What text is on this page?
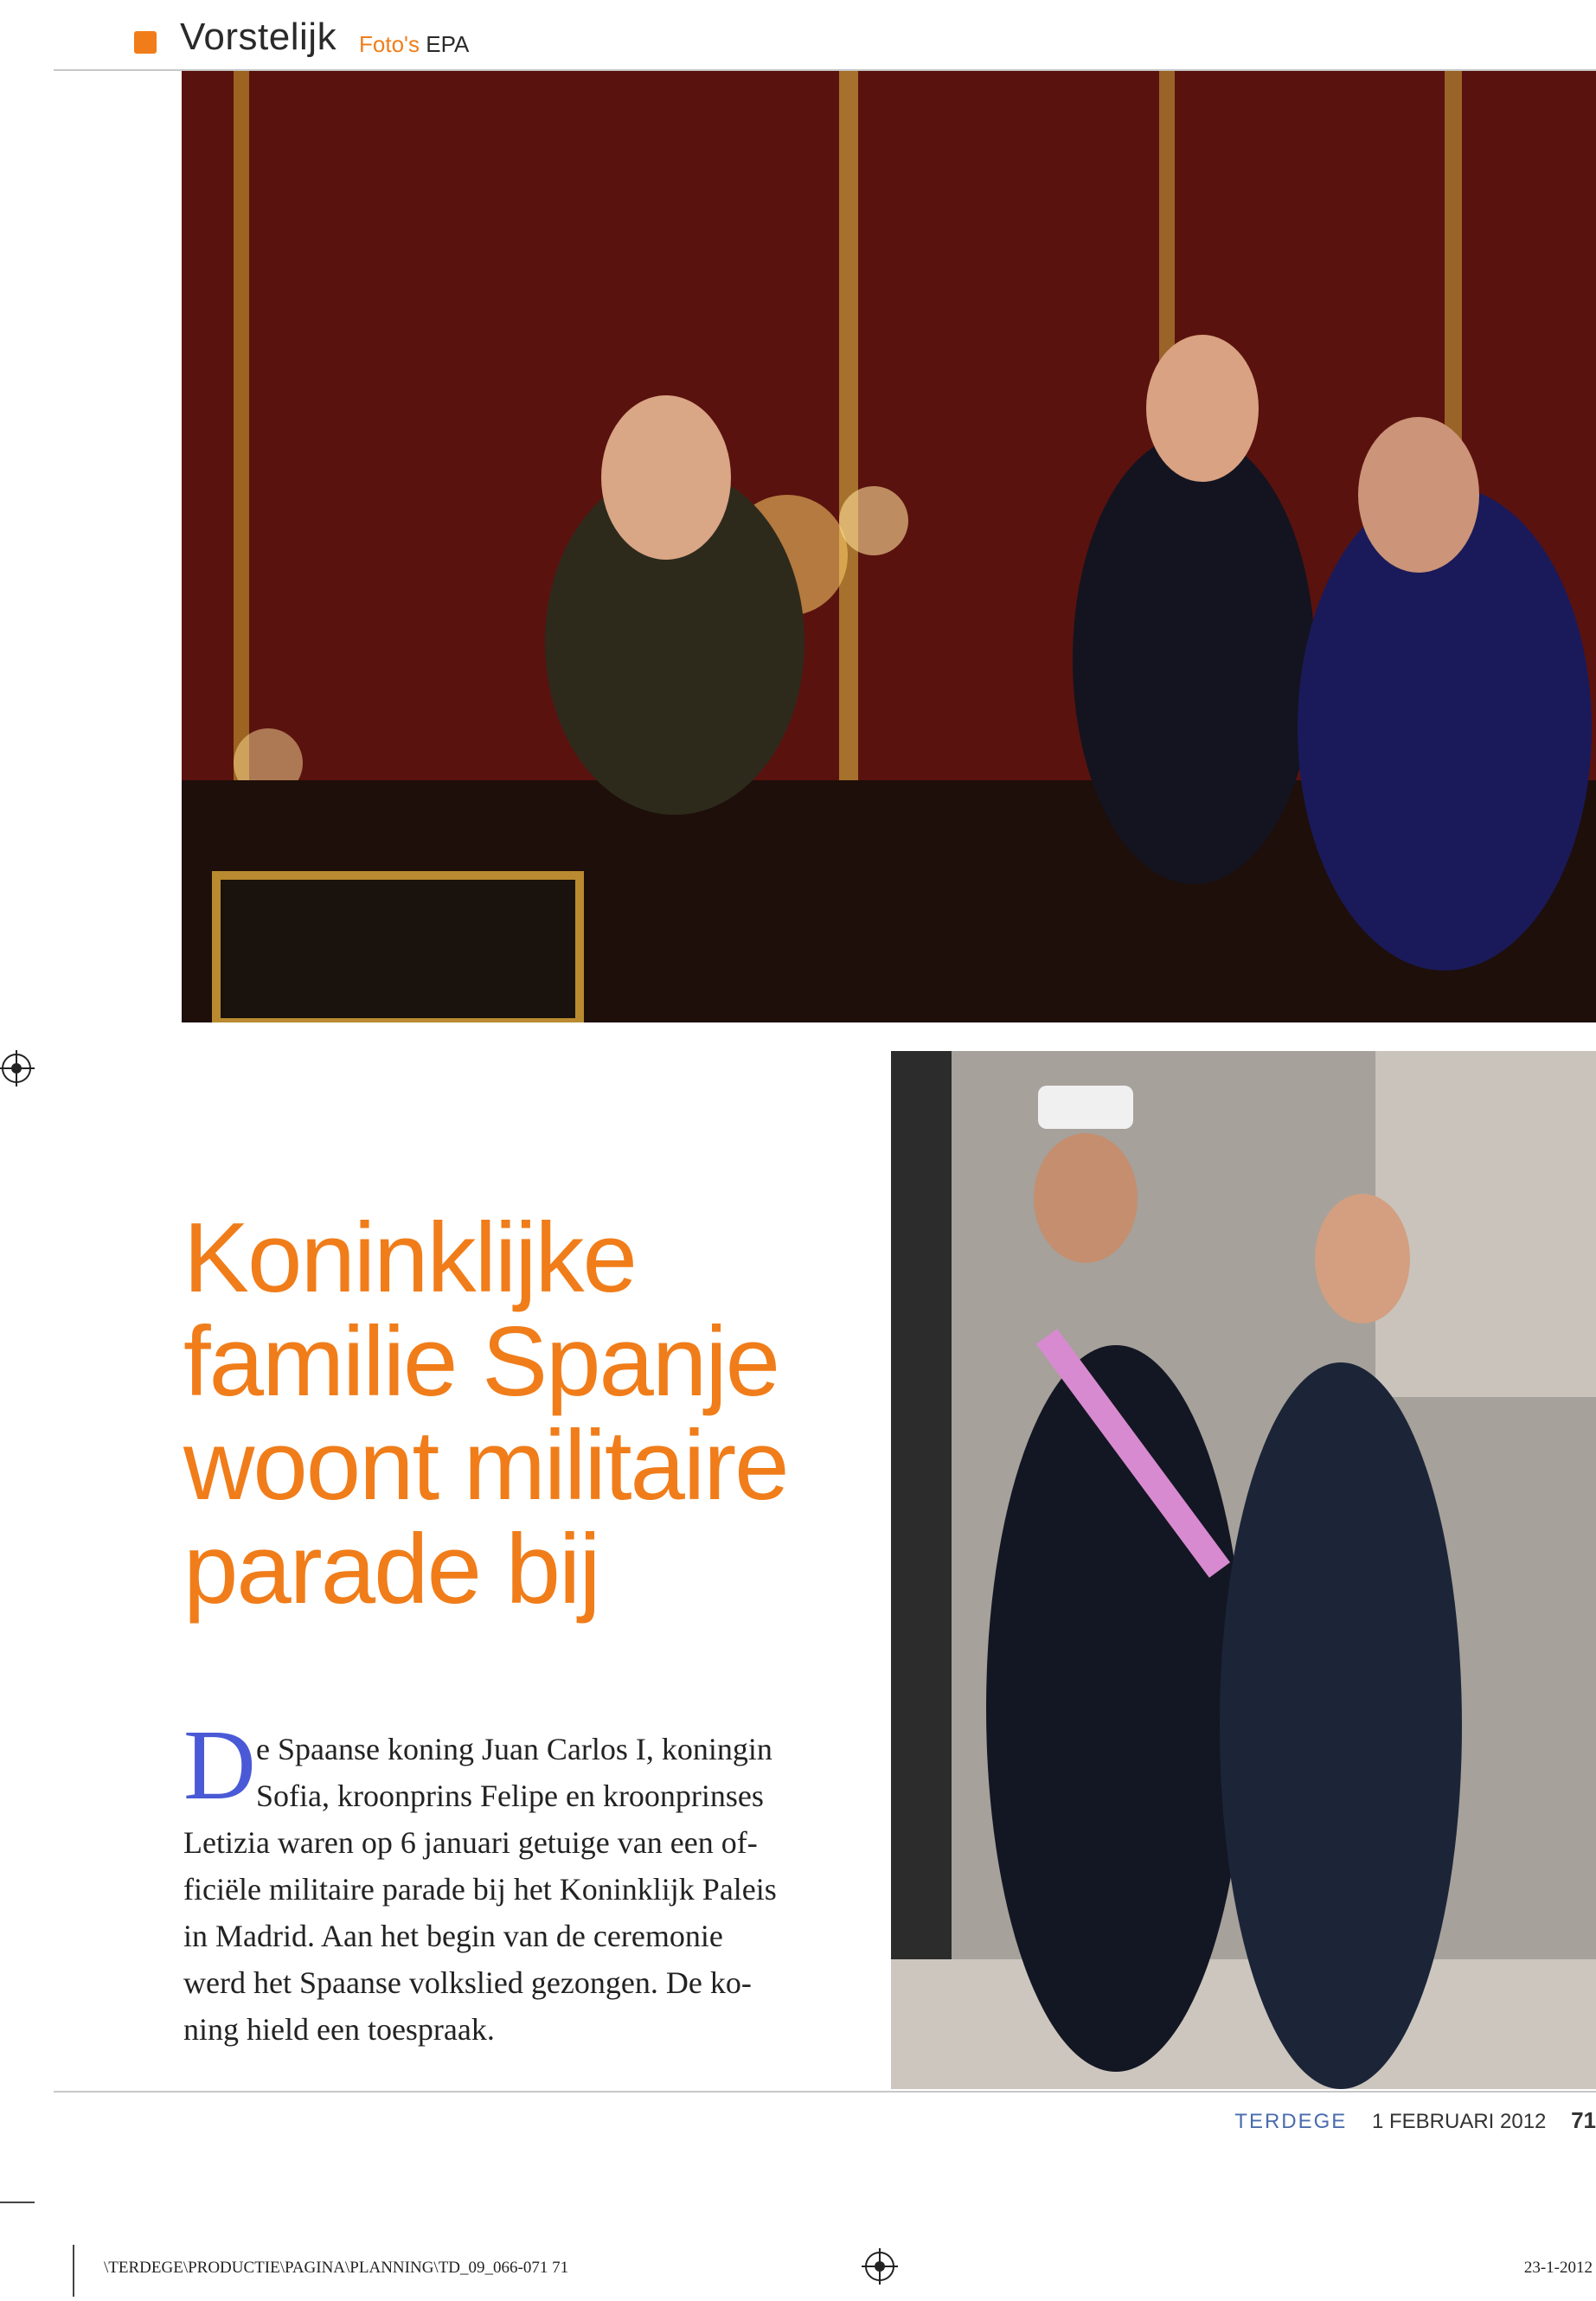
Vorstelijk Foto's EPA
Koninklijke
familie Spanje
woont militaire
parade bij
D e Spaanse koning Juan Carlos I, koningin
Sofia, kroonprins Felipe en kroonprinses
Letizia waren op 6 januari getuige van een of-
ficiële militaire parade bij het Koninklijk Paleis
in Madrid. Aan het begin van de ceremonie
werd het Spaanse volkslied gezongen. De ko-
ning hield een toespraak.
TERDEGE 1 FEBRUARI 2012 71
\TERDEGE\PRODUCTIE\PAGINA\PLANNING\TD_09_066-071 71	23-1-2012
